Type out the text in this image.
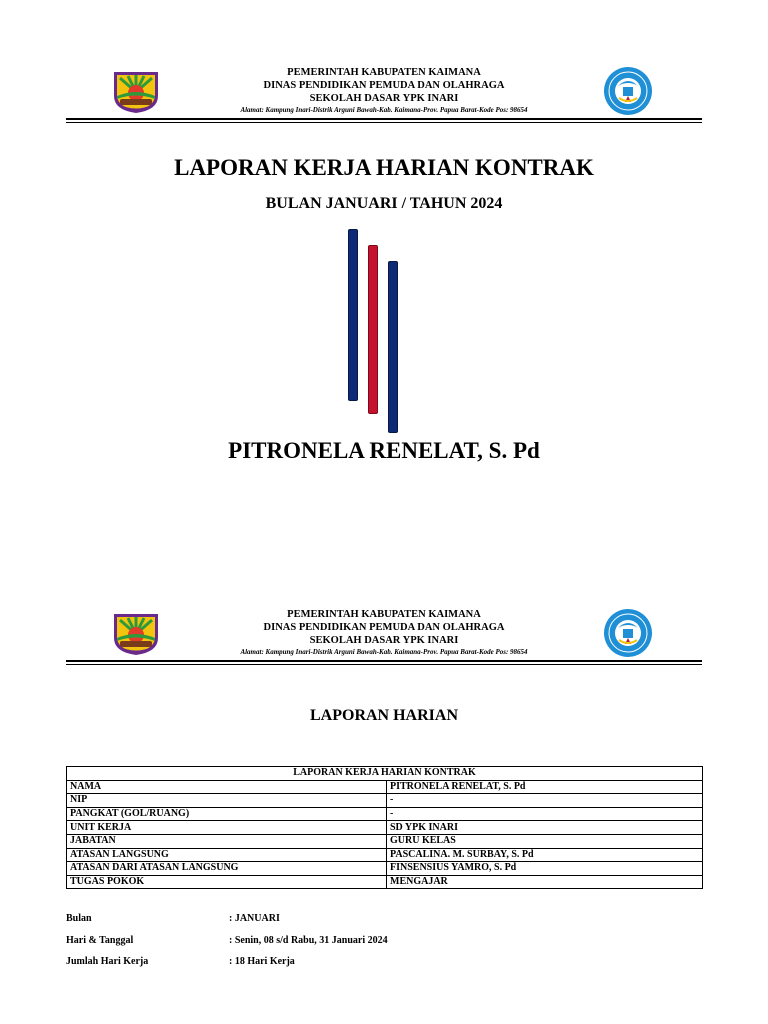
PEMERINTAH KABUPATEN KAIMANA
DINAS PENDIDIKAN PEMUDA DAN OLAHRAGA
SEKOLAH DASAR YPK INARI
Alamat: Kampung Inari-Distrik Arguni Bawah-Kab. Kaimana-Prov. Papua Barat-Kode Pos: 98654
LAPORAN KERJA HARIAN KONTRAK
BULAN JANUARI / TAHUN 2024
PITRONELA RENELAT, S. Pd
PEMERINTAH KABUPATEN KAIMANA
DINAS PENDIDIKAN PEMUDA DAN OLAHRAGA
SEKOLAH DASAR YPK INARI
Alamat: Kampung Inari-Distrik Arguni Bawah-Kab. Kaimana-Prov. Papua Barat-Kode Pos: 98654
LAPORAN HARIAN
LAPORAN KERJA HARIAN KONTRAK	
NAMA	PITRONELA RENELAT, S. Pd
NIP	-
PANGKAT (GOL/RUANG)	-
UNIT KERJA	SD YPK INARI
JABATAN	GURU KELAS
ATASAN LANGSUNG	PASCALINA. M. SURBAY, S. Pd
ATASAN DARI ATASAN LANGSUNG	FINSENSIUS YAMRO, S. Pd
TUGAS POKOK	MENGAJAR
Bulan	: JANUARI
Hari & Tanggal	: Senin, 08 s/d Rabu, 31 Januari 2024
Jumlah Hari Kerja	: 18 Hari Kerja
